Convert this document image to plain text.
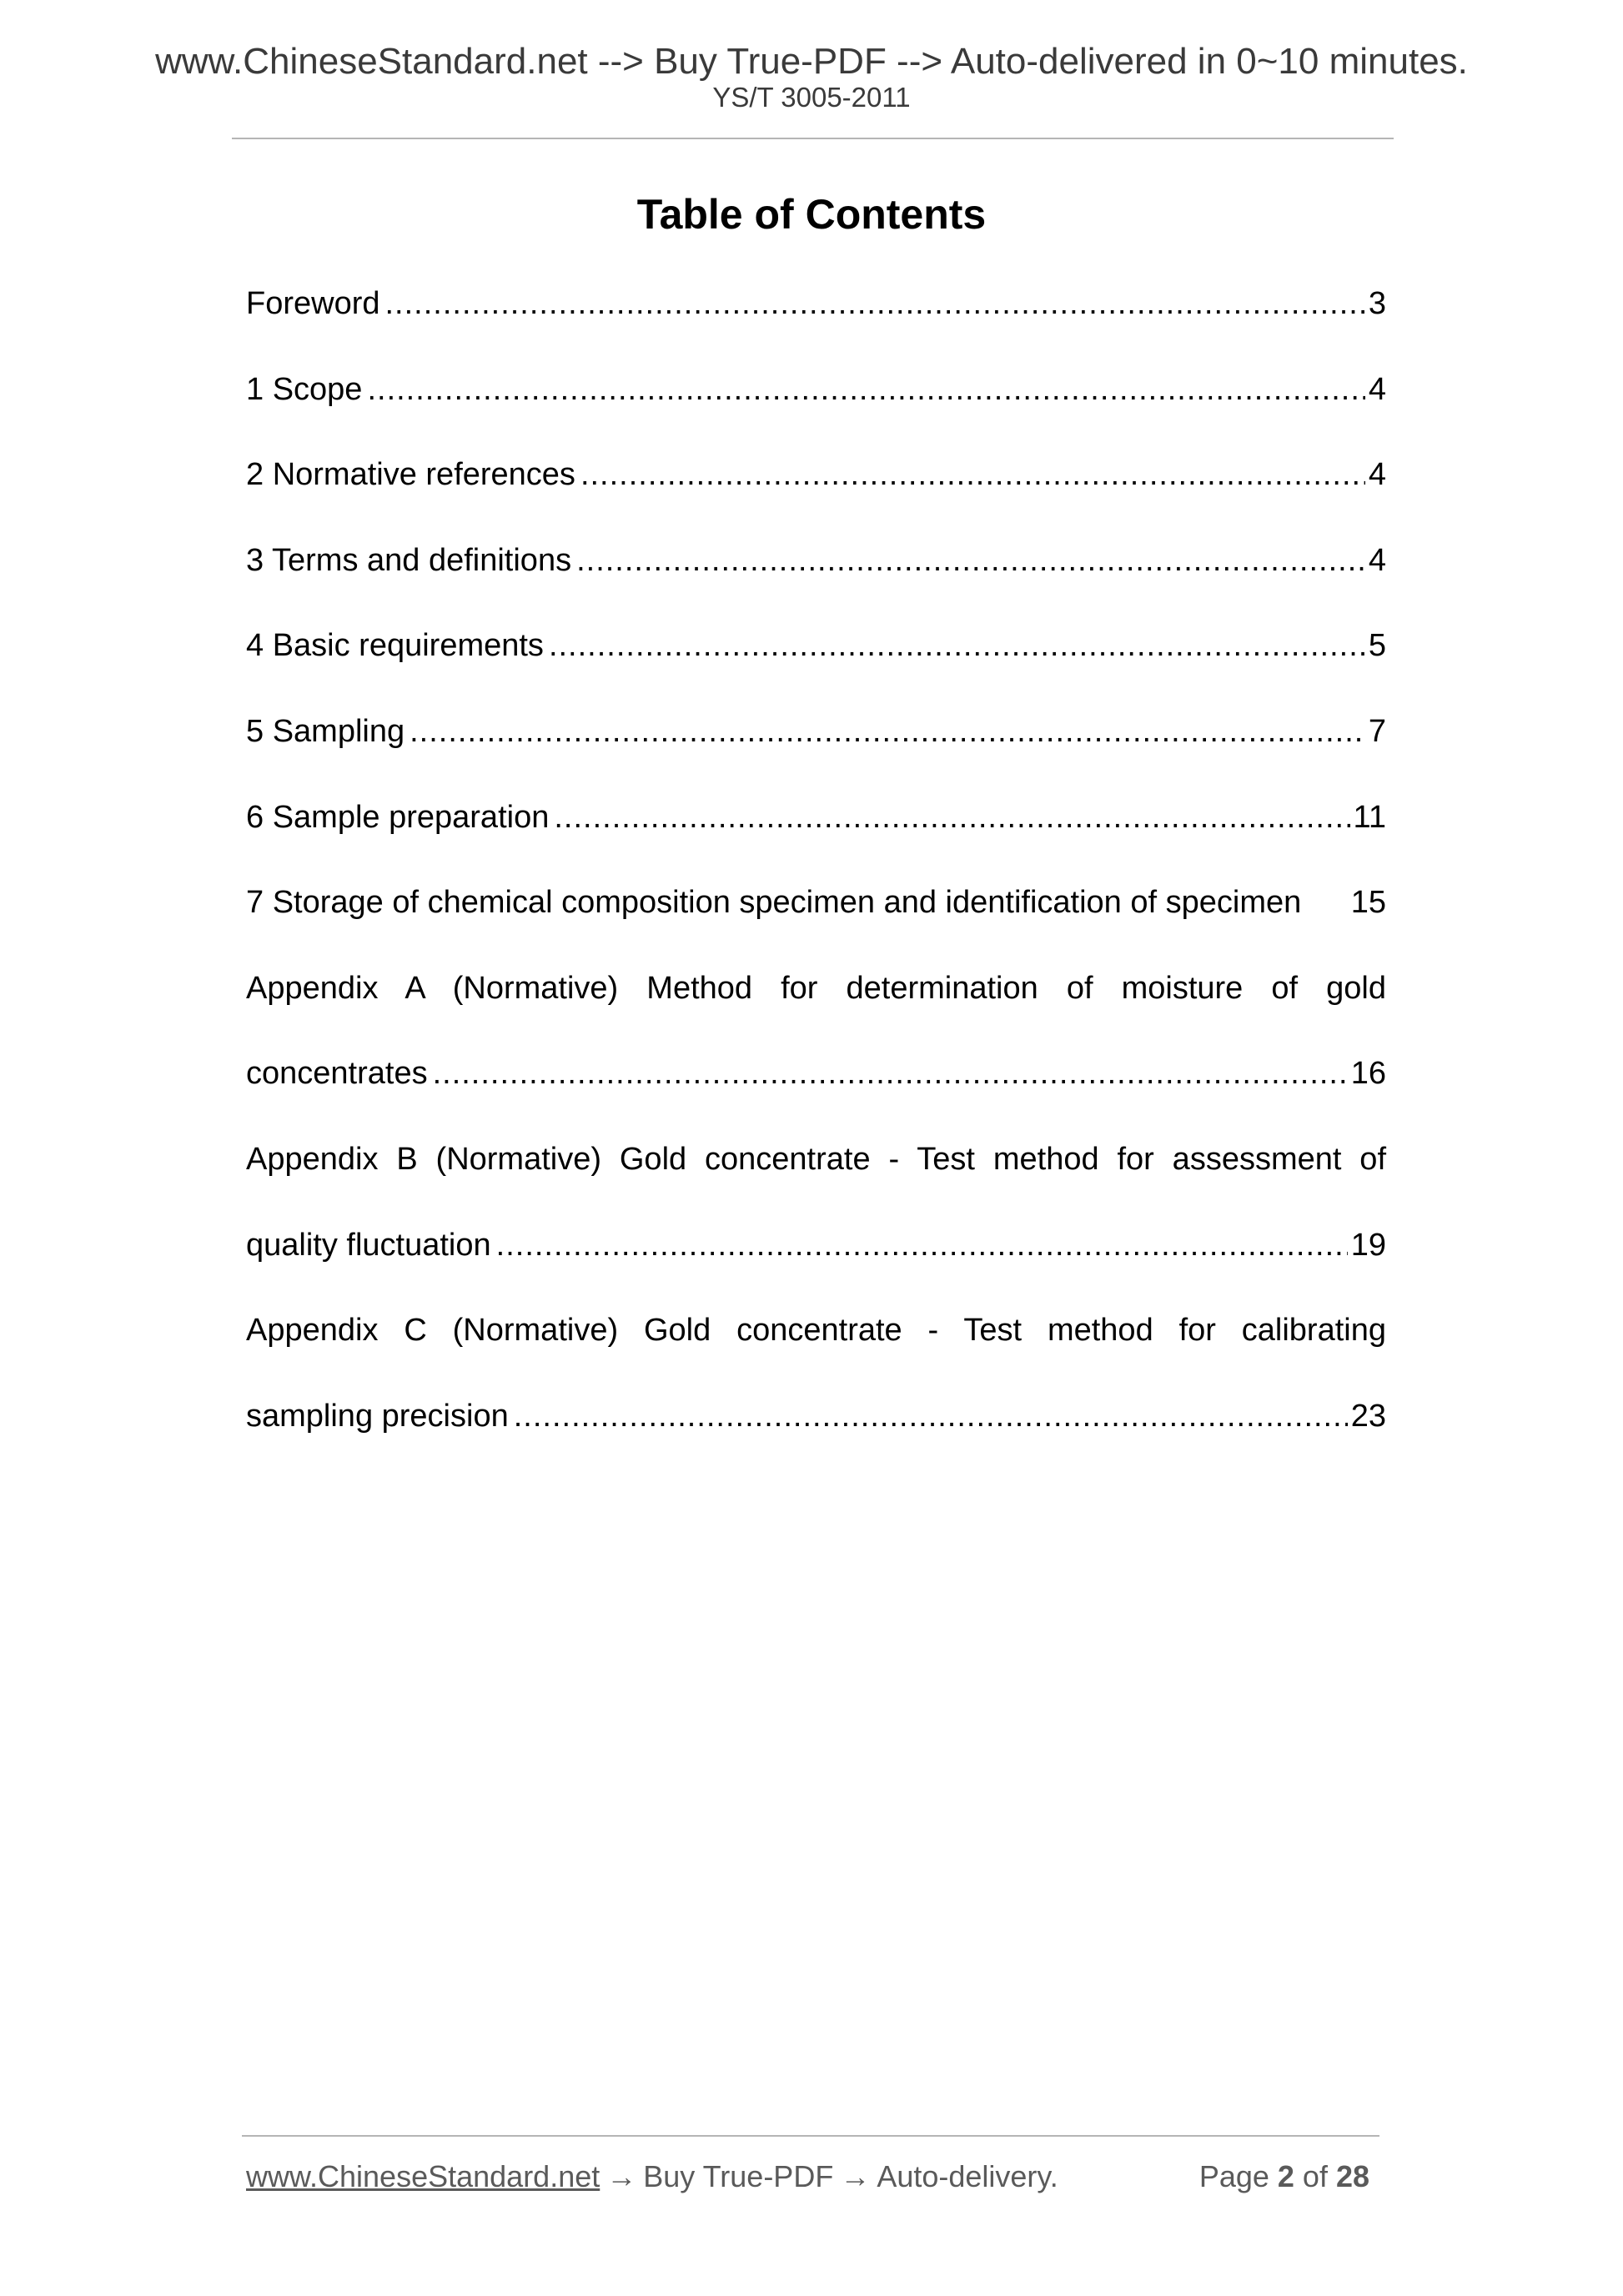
www.ChineseStandard.net --> Buy True-PDF --> Auto-delivered in 0~10 minutes.
YS/T 3005-2011
Table of Contents
Foreword .....	3
1 Scope .....	4
2 Normative references .....	4
3 Terms and definitions .....	4
4 Basic requirements .....	5
5 Sampling .....	7
6 Sample preparation .....	11
7 Storage of chemical composition specimen and identification of specimen 15
Appendix A (Normative) Method for determination of moisture of gold
concentrates .....	16
Appendix B (Normative) Gold concentrate - Test method for assessment of
quality fluctuation .....	19
Appendix C (Normative) Gold concentrate - Test method for calibrating
sampling precision .....	23
www.ChineseStandard.net → Buy True-PDF → Auto-delivery.	Page 2 of 28
